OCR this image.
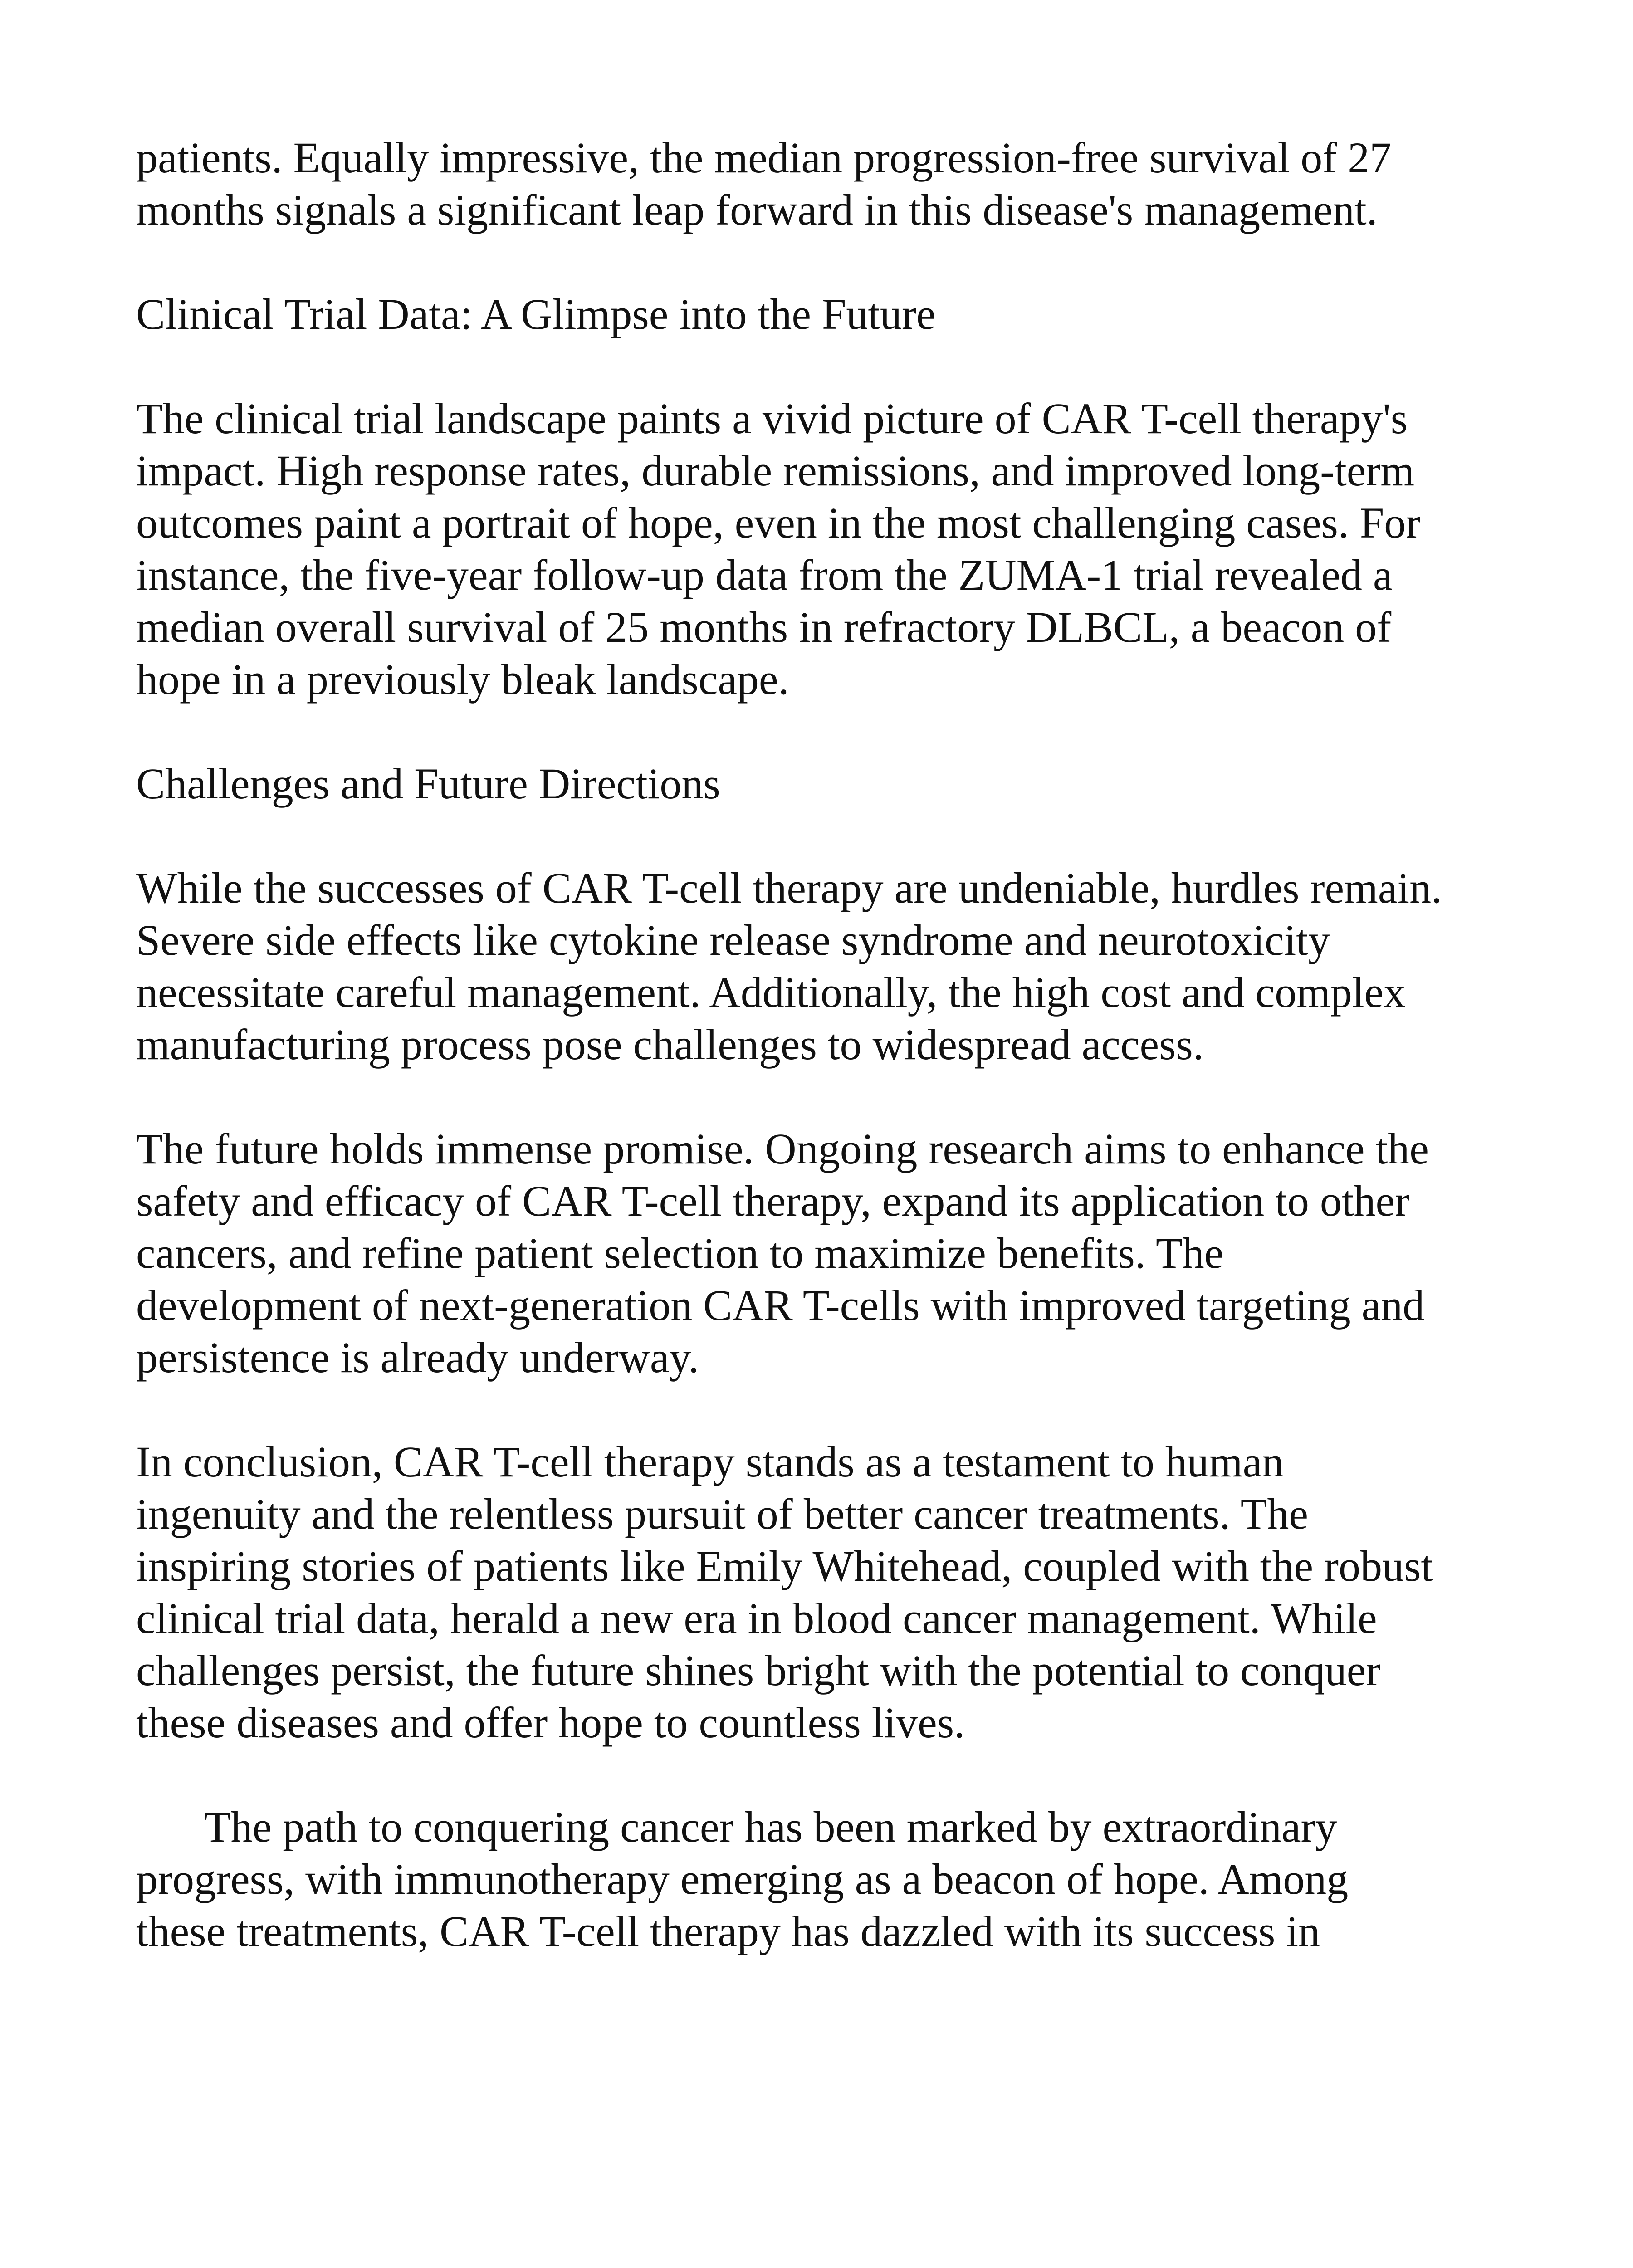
patients. Equally impressive, the median progression-free survival of 27 months signals a significant leap forward in this disease's management.

Clinical Trial Data: A Glimpse into the Future

The clinical trial landscape paints a vivid picture of CAR T-cell therapy's impact. High response rates, durable remissions, and improved long-term outcomes paint a portrait of hope, even in the most challenging cases. For instance, the five-year follow-up data from the ZUMA-1 trial revealed a median overall survival of 25 months in refractory DLBCL, a beacon of hope in a previously bleak landscape.

Challenges and Future Directions

While the successes of CAR T-cell therapy are undeniable, hurdles remain. Severe side effects like cytokine release syndrome and neurotoxicity necessitate careful management. Additionally, the high cost and complex manufacturing process pose challenges to widespread access.

The future holds immense promise. Ongoing research aims to enhance the safety and efficacy of CAR T-cell therapy, expand its application to other cancers, and refine patient selection to maximize benefits. The development of next-generation CAR T-cells with improved targeting and persistence is already underway.

In conclusion, CAR T-cell therapy stands as a testament to human ingenuity and the relentless pursuit of better cancer treatments. The inspiring stories of patients like Emily Whitehead, coupled with the robust clinical trial data, herald a new era in blood cancer management. While challenges persist, the future shines bright with the potential to conquer these diseases and offer hope to countless lives.

The path to conquering cancer has been marked by extraordinary progress, with immunotherapy emerging as a beacon of hope. Among these treatments, CAR T-cell therapy has dazzled with its success in
